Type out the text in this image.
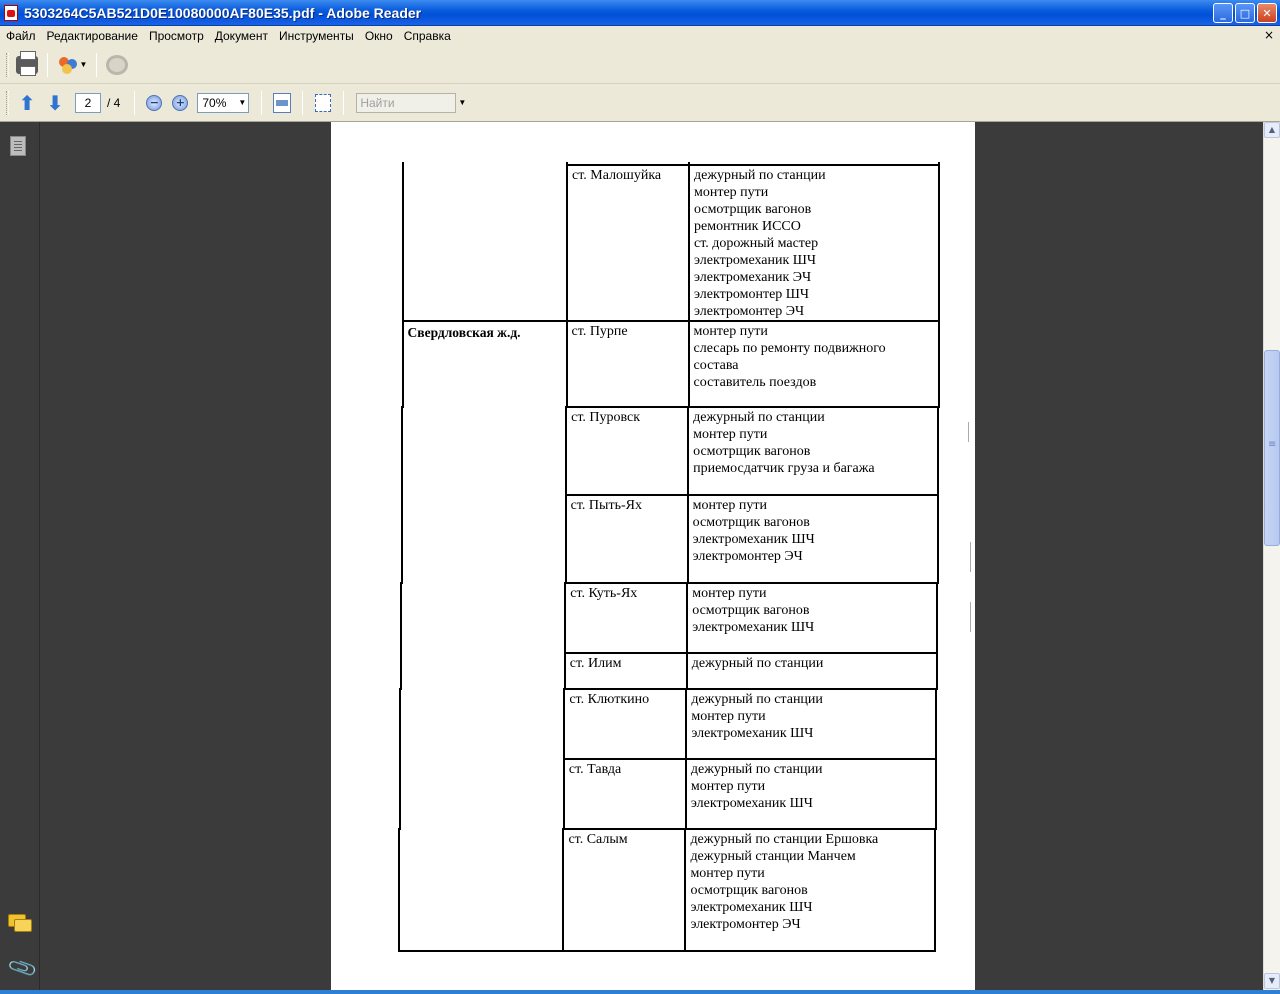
5303264C5AB521D0E10080000AF80E35.pdf - Adobe Reader	_	□	✕
Файл Редактирование Просмотр Документ Инструменты Окно Справка	×
▼
⬆ ⬇	2	/ 4	−	+	70% ▼	Найти	▼
📎
ст. Малошуйка дежурный по станции
монтер пути
осмотрщик вагонов
ремонтник ИССО
ст. дорожный мастер
электромеханик ШЧ
электромеханик ЭЧ
электромонтер ШЧ
электромонтер ЭЧ
Свердловская ж.д.	ст. Пурпе	монтер пути
слесарь по ремонту подвижного
состава
составитель поездов
ст. Пуровск	дежурный по станции
монтер пути
осмотрщик вагонов
приемосдатчик груза и багажа
ст. Пыть-Ях	монтер пути
осмотрщик вагонов
электромеханик ШЧ
электромонтер ЭЧ
ст. Куть-Ях	монтер пути
осмотрщик вагонов
электромеханик ШЧ
ст. Илим	дежурный по станции
ст. Клюткино	дежурный по станции
монтер пути
электромеханик ШЧ
ст. Тавда	дежурный по станции
монтер пути
электромеханик ШЧ
ст. Салым	дежурный по станции Ершовка
дежурный станции Манчем
монтер пути
осмотрщик вагонов
электромеханик ШЧ
электромонтер ЭЧ
▲
≡
▼
